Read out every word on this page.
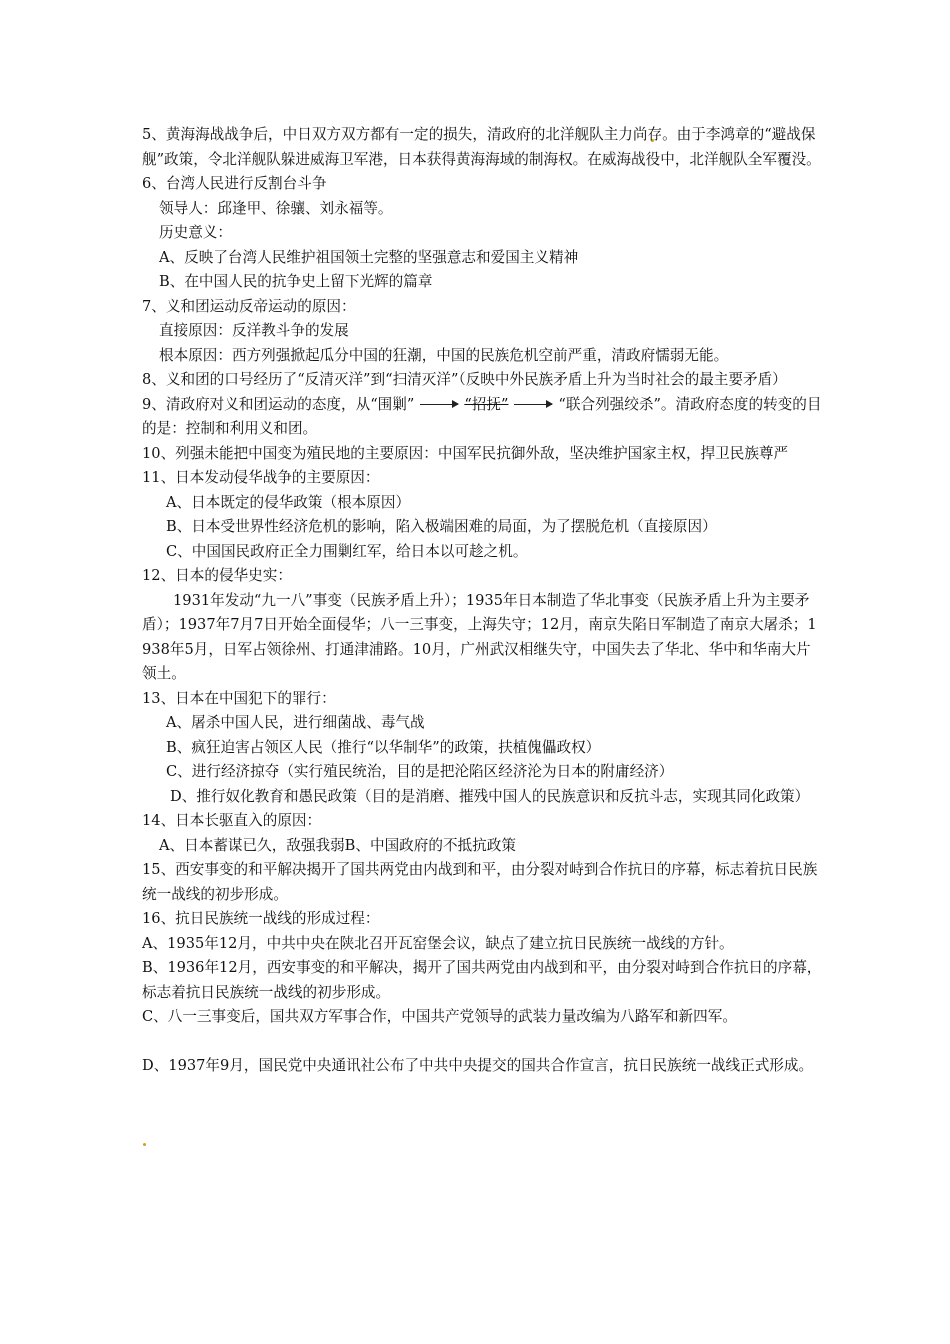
5、黄海海战战争后，中日双方双方都有一定的损失，清政府的北洋舰队主力尚存。由于李鸿章的“避战保舰”政策，令北洋舰队躲进威海卫军港，日本获得黄海海域的制海权。在威海战役中，北洋舰队全军覆没。

6、台湾人民进行反割台斗争

领导人：邱逢甲、徐骧、刘永福等。

历史意义：

A、反映了台湾人民维护祖国领土完整的坚强意志和爱国主义精神

B、在中国人民的抗争史上留下光辉的篇章

7、义和团运动反帝运动的原因：

直接原因：反洋教斗争的发展

根本原因：西方列强掀起瓜分中国的狂潮，中国的民族危机空前严重，清政府懦弱无能。

8、义和团的口号经历了“反清灭洋”到“扫清灭洋”（反映中外民族矛盾上升为当时社会的最主要矛盾）

9、清政府对义和团运动的态度，从“围剿”	“招抚”	“联合列强绞杀”。清政府态度的转变的目的是：控制和利用义和团。

10、列强未能把中国变为殖民地的主要原因：中国军民抗御外敌，坚决维护国家主权，捍卫民族尊严

11、日本发动侵华战争的主要原因：

A、日本既定的侵华政策（根本原因）

B、日本受世界性经济危机的影响，陷入极端困难的局面，为了摆脱危机（直接原因）

C、中国国民政府正全力围剿红军，给日本以可趁之机。

12、日本的侵华史实：

1931年发动“九一八”事变（民族矛盾上升）；1935年日本制造了华北事变（民族矛盾上升为主要矛盾）；1937年7月7日开始全面侵华；八一三事变，上海失守；12月，南京失陷日军制造了南京大屠杀；1938年5月，日军占领徐州、打通津浦路。10月，广州武汉相继失守，中国失去了华北、华中和华南大片领土。

13、日本在中国犯下的罪行：

A、屠杀中国人民，进行细菌战、毒气战

B、疯狂迫害占领区人民（推行“以华制华”的政策，扶植傀儡政权）

C、进行经济掠夺（实行殖民统治，目的是把沦陷区经济沦为日本的附庸经济）

D、推行奴化教育和愚民政策（目的是消磨、摧残中国人的民族意识和反抗斗志，实现其同化政策）

14、日本长驱直入的原因：

A、日本蓄谋已久，敌强我弱B、中国政府的不抵抗政策

15、西安事变的和平解决揭开了国共两党由内战到和平，由分裂对峙到合作抗日的序幕，标志着抗日民族统一战线的初步形成。

16、抗日民族统一战线的形成过程：

A、1935年12月，中共中央在陕北召开瓦窑堡会议，缺点了建立抗日民族统一战线的方针。

B、1936年12月，西安事变的和平解决，揭开了国共两党由内战到和平，由分裂对峙到合作抗日的序幕，标志着抗日民族统一战线的初步形成。

C、八一三事变后，国共双方军事合作，中国共产党领导的武装力量改编为八路军和新四军。

D、1937年9月，国民党中央通讯社公布了中共中央提交的国共合作宣言，抗日民族统一战线正式形成。
